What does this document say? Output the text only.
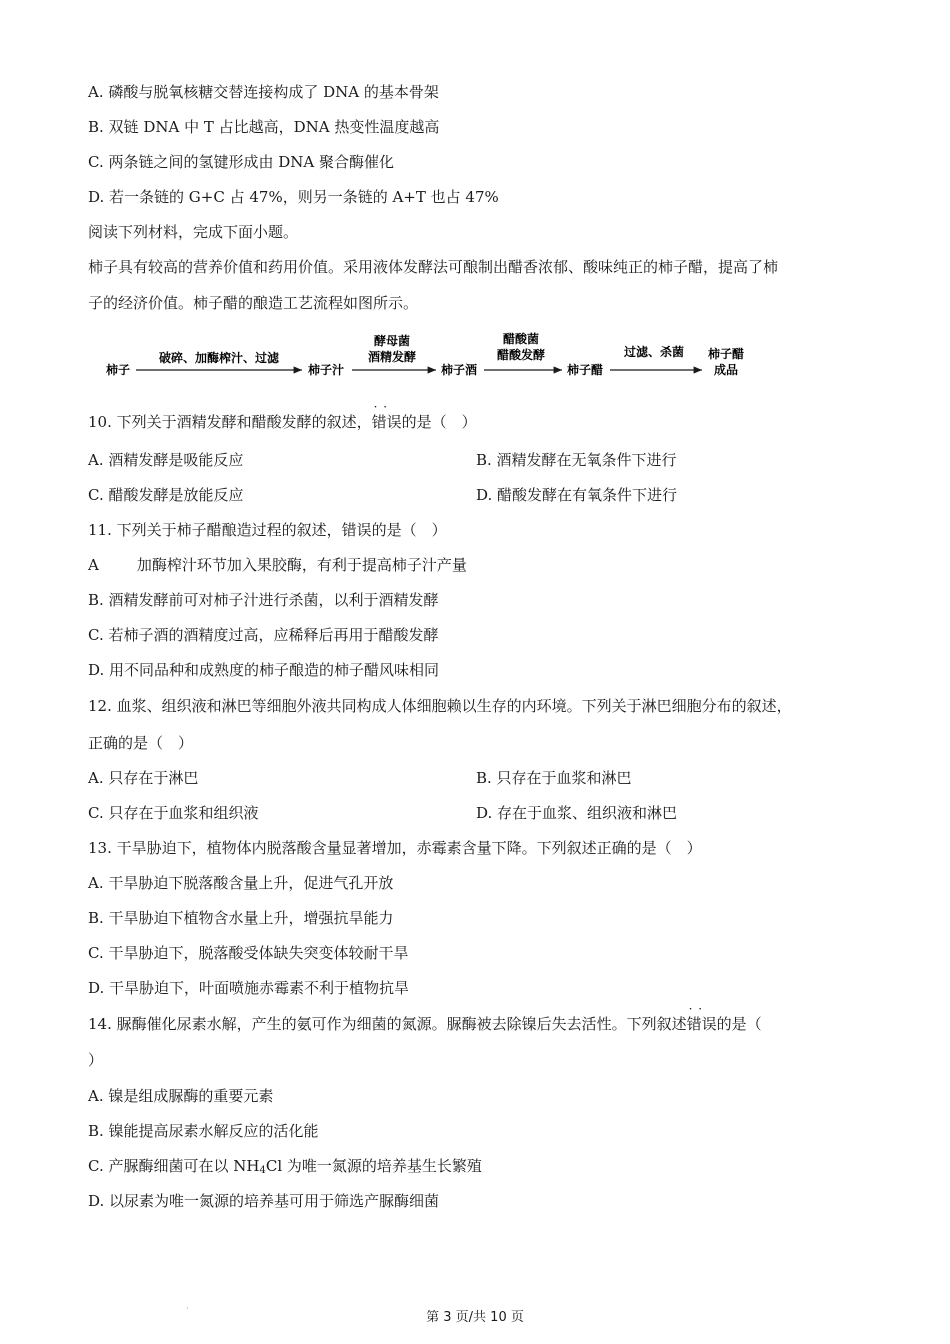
A. 磷酸与脱氧核糖交替连接构成了 DNA 的基本骨架
B. 双链 DNA 中 T 占比越高，DNA 热变性温度越高
C. 两条链之间的氢键形成由 DNA 聚合酶催化
D. 若一条链的 G+C 占 47%，则另一条链的 A+T 也占 47%
阅读下列材料，完成下面小题。
柿子具有较高的营养价值和药用价值。采用液体发酵法可酿制出醋香浓郁、酸味纯正的柿子醋，提高了柿
子的经济价值。柿子醋的酿造工艺流程如图所示。
柿子
破碎、加酶榨汁、过滤
柿子汁
酵母菌
酒精发酵
柿子酒
醋酸菌
醋酸发酵
柿子醋
过滤、杀菌 柿子醋
成品
10. 下列关于酒精发酵和醋酸发酵的叙述，· · 错误的是（　）
A. 酒精发酵是吸能反应	B. 酒精发酵在无氧条件下进行
C. 醋酸发酵是放能反应	D. 醋酸发酵在有氧条件下进行
11. 下列关于柿子醋酿造过程的叙述，错误的是（　）
A	加酶榨汁环节加入果胶酶，有利于提高柿子汁产量
B. 酒精发酵前可对柿子汁进行杀菌，以利于酒精发酵
C. 若柿子酒的酒精度过高，应稀释后再用于醋酸发酵
D. 用不同品种和成熟度的柿子酿造的柿子醋风味相同
12. 血浆、组织液和淋巴等细胞外液共同构成人体细胞赖以生存的内环境。下列关于淋巴细胞分布的叙述，
正确的是（　）
A. 只存在于淋巴	B. 只存在于血浆和淋巴
C. 只存在于血浆和组织液	D. 存在于血浆、组织液和淋巴
13. 干旱胁迫下，植物体内脱落酸含量显著增加，赤霉素含量下降。下列叙述正确的是（　）
A. 干旱胁迫下脱落酸含量上升，促进气孔开放
B. 干旱胁迫下植物含水量上升，增强抗旱能力
C. 干旱胁迫下，脱落酸受体缺失突变体较耐干旱
D. 干旱胁迫下，叶面喷施赤霉素不利于植物抗旱
14. 脲酶催化尿素水解，产生的氨可作为细菌的氮源。脲酶被去除镍后失去活性。下列叙述· · 错误的是（
）
A. 镍是组成脲酶的重要元素
B. 镍能提高尿素水解反应的活化能
C. 产脲酶细菌可在以 $NH_4Cl$ 为唯一氮源的培养基生长繁殖
D. 以尿素为唯一氮源的培养基可用于筛选产脲酶细菌
·
第 3 页/共 10 页
